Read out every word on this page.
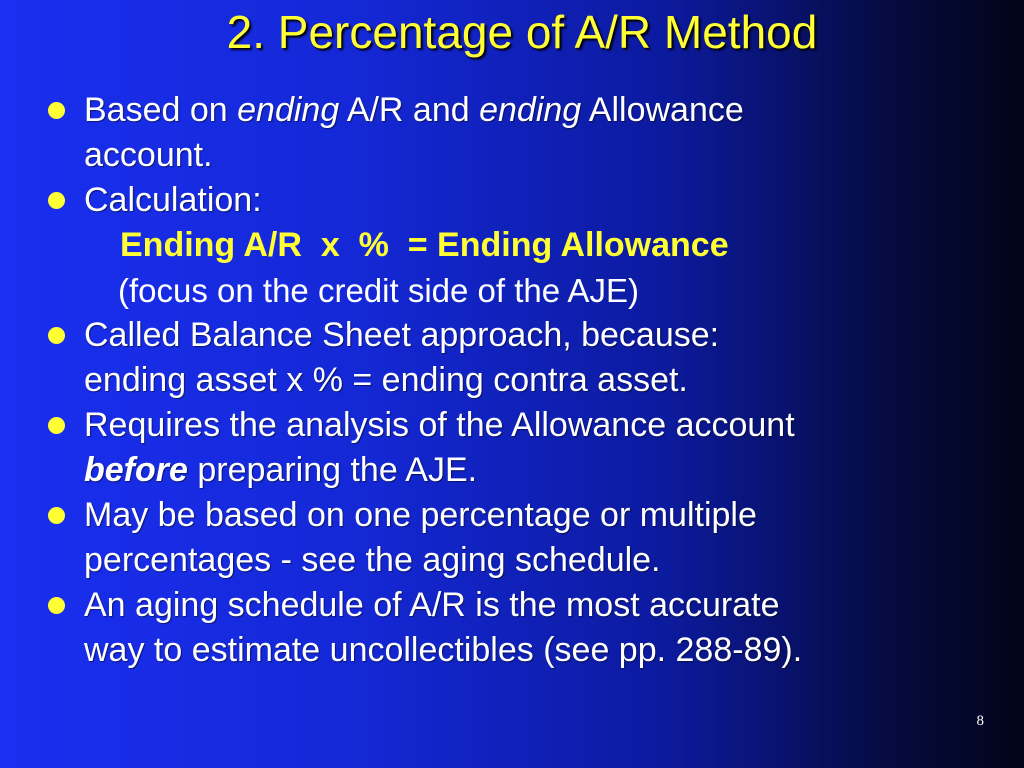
2. Percentage of A/R Method
Based on ending A/R and ending Allowance
account.
Calculation:
Ending A/R  x  %  = Ending Allowance
(focus on the credit side of the AJE)
Called Balance Sheet approach, because:
ending asset x % = ending contra asset.
Requires the analysis of the Allowance account
before preparing the AJE.
May be based on one percentage or multiple
percentages - see the aging schedule.
An aging schedule of A/R is the most accurate
way to estimate uncollectibles (see pp. 288-89).
8
